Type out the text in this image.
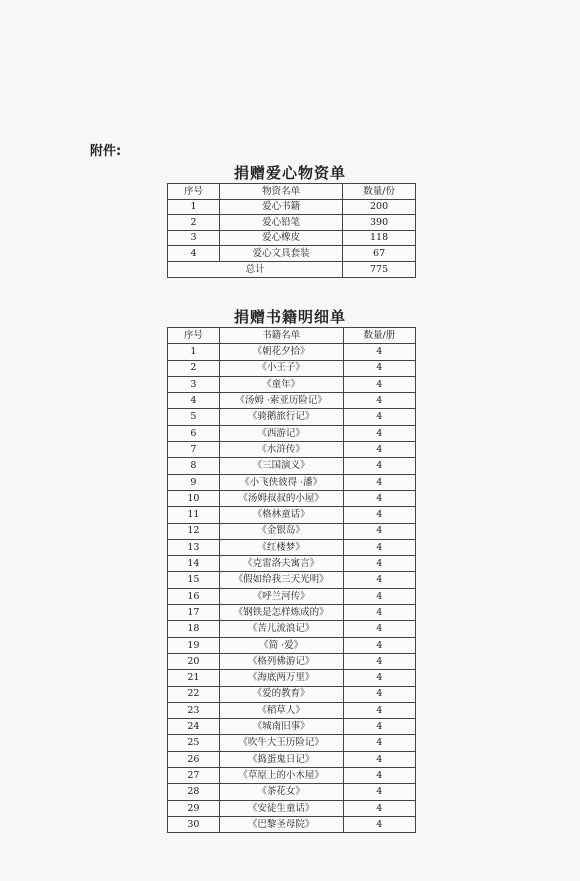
附件:
捐赠爱心物资单
序号	物资名单	数量/份
1	爱心书籍	200
2	爱心铅笔	390
3	爱心橡皮	118
4	爱心文具套装	67
总计		775
捐赠书籍明细单
序号	书籍名单	数量/册
1	《朝花夕拾》	4
2	《小王子》	4
3	《童年》	4
4	《汤姆 ·索亚历险记》	4
5	《骑鹅旅行记》	4
6	《西游记》	4
7	《水浒传》	4
8	《三国演义》	4
9	《小飞侠彼得 ·潘》	4
10	《汤姆叔叔的小屋》	4
11	《格林童话》	4
12	《金银岛》	4
13	《红楼梦》	4
14	《克雷洛夫寓言》	4
15	《假如给我三天光明》	4
16	《呼兰河传》	4
17	《钢铁是怎样炼成的》	4
18	《苦儿流浪记》	4
19	《简 ·爱》	4
20	《格列佛游记》	4
21	《海底两万里》	4
22	《爱的教育》	4
23	《稻草人》	4
24	《城南旧事》	4
25	《吹牛大王历险记》	4
26	《捣蛋鬼日记》	4
27	《草原上的小木屋》	4
28	《茶花女》	4
29	《安徒生童话》	4
30	《巴黎圣母院》	4
